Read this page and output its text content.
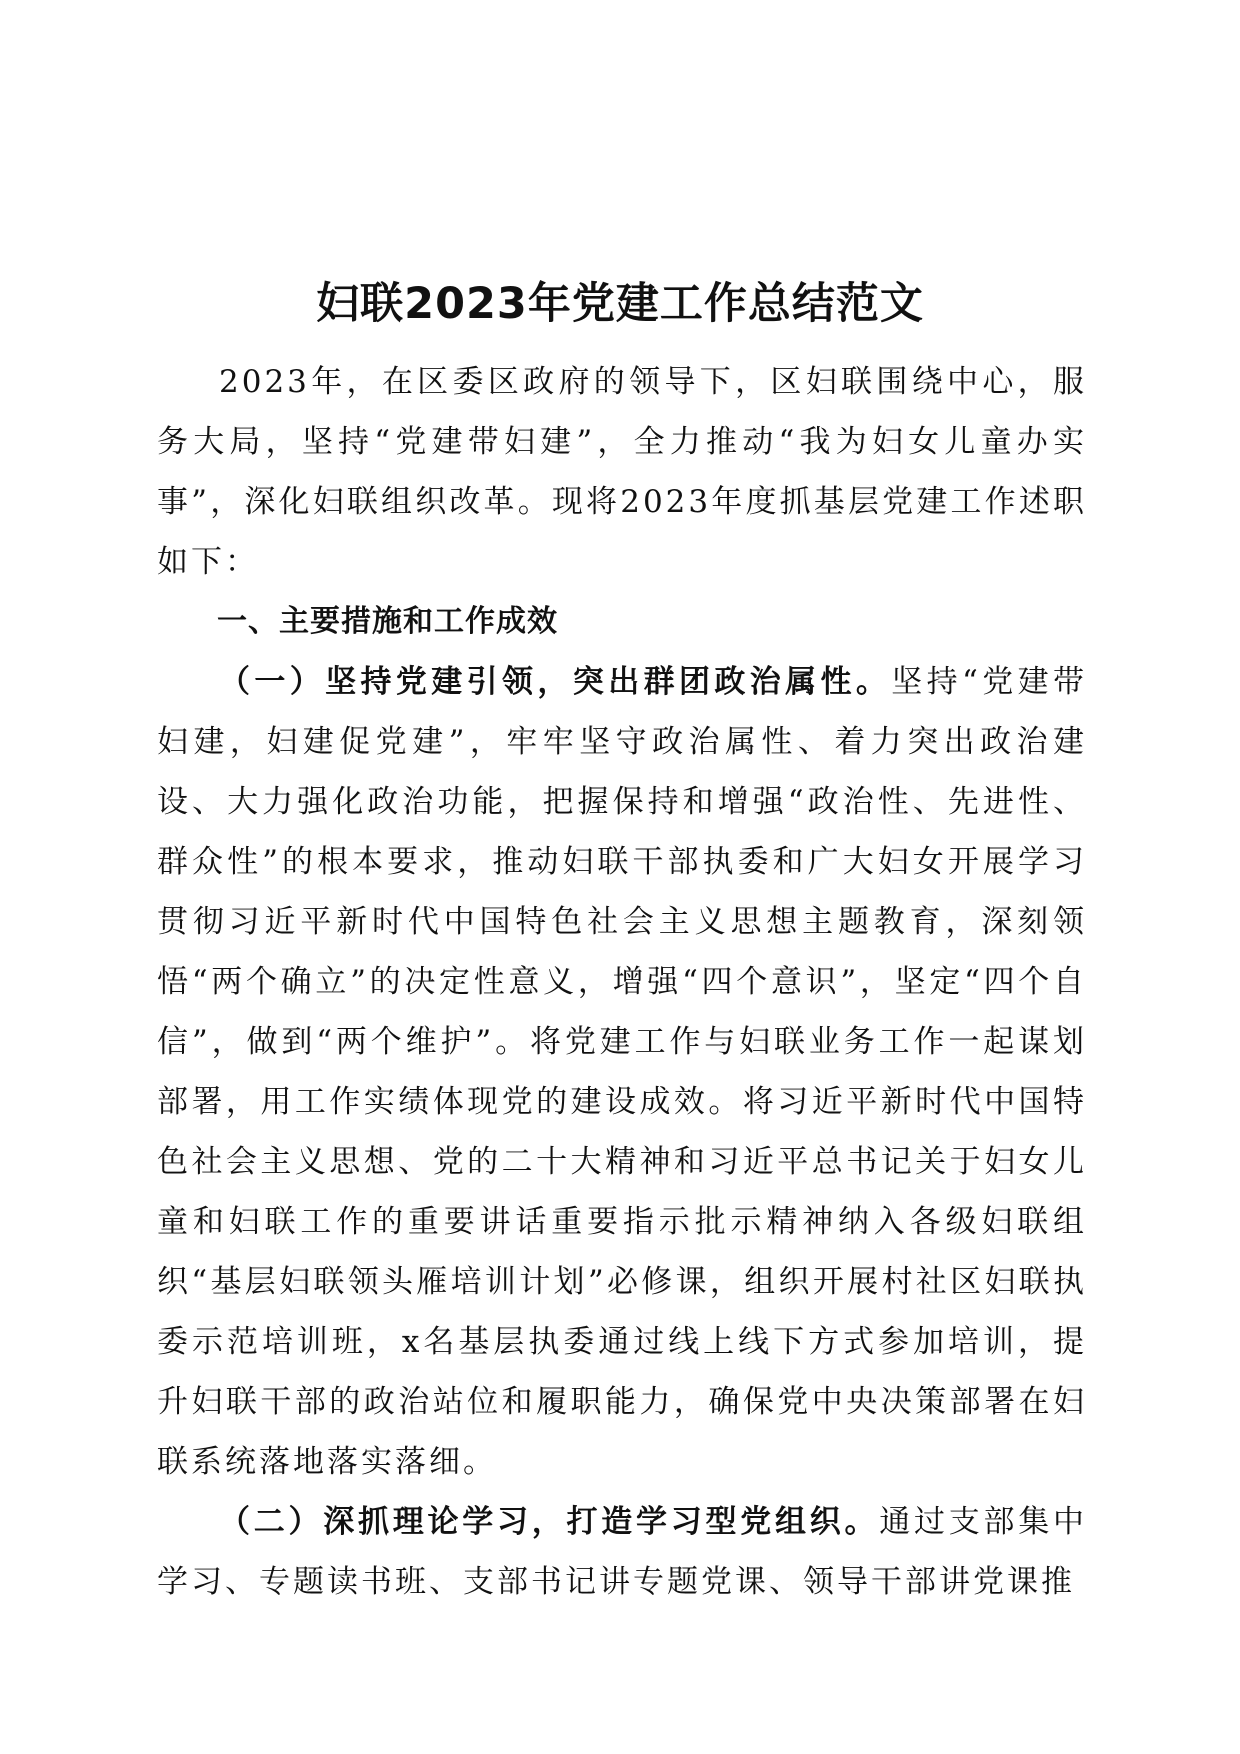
妇联2023年党建工作总结范文

2023年，在区委区政府的领导下，区妇联围绕中心，服务大局，坚持“党建带妇建”，全力推动“我为妇女儿童办实事”，深化妇联组织改革。现将2023年度抓基层党建工作述职如下：

一、主要措施和工作成效

（一）坚持党建引领，突出群团政治属性。坚持“党建带妇建，妇建促党建”，牢牢坚守政治属性、着力突出政治建设、大力强化政治功能，把握保持和增强“政治性、先进性、群众性”的根本要求，推动妇联干部执委和广大妇女开展学习贯彻习近平新时代中国特色社会主义思想主题教育，深刻领悟“两个确立”的决定性意义，增强“四个意识”，坚定“四个自信”，做到“两个维护”。将党建工作与妇联业务工作一起谋划部署，用工作实绩体现党的建设成效。将习近平新时代中国特色社会主义思想、党的二十大精神和习近平总书记关于妇女儿童和妇联工作的重要讲话重要指示批示精神纳入各级妇联组织“基层妇联领头雁培训计划”必修课，组织开展村社区妇联执委示范培训班，x名基层执委通过线上线下方式参加培训，提升妇联干部的政治站位和履职能力，确保党中央决策部署在妇联系统落地落实落细。

（二）深抓理论学习，打造学习型党组织。通过支部集中学习、专题读书班、支部书记讲专题党课、领导干部讲党课推
